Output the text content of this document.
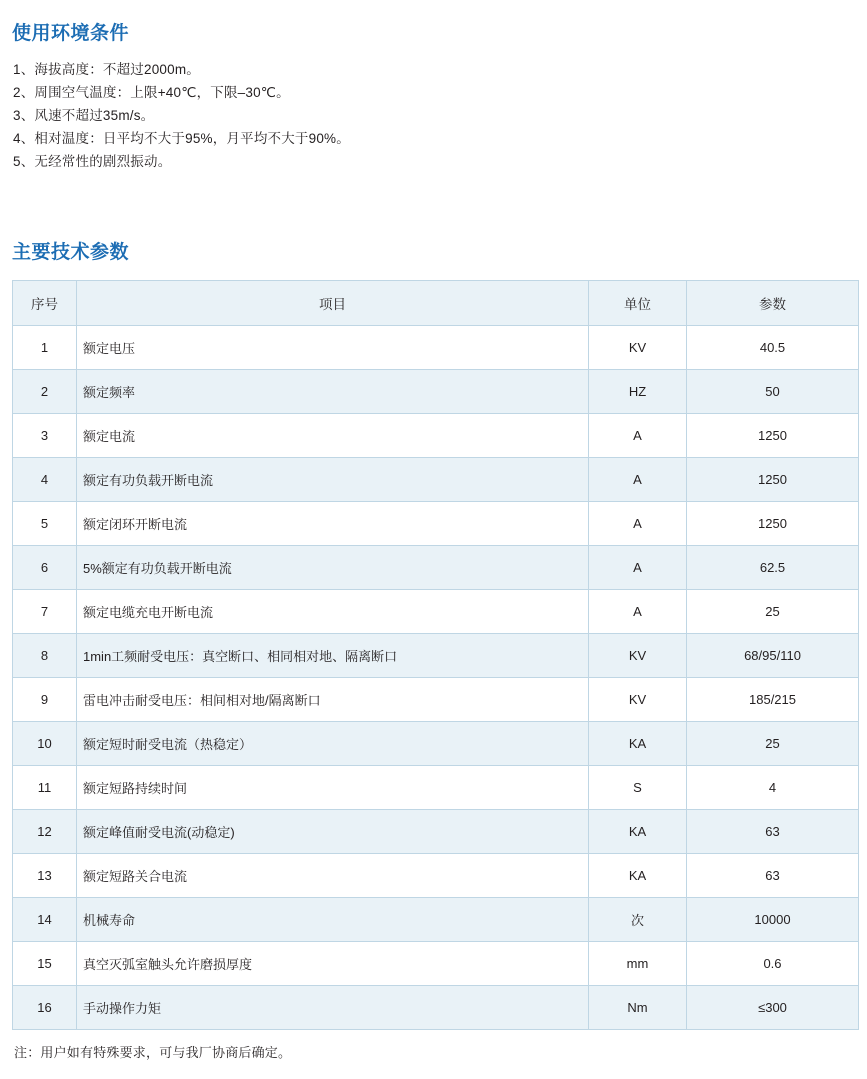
使用环境条件
1、海拔高度：不超过2000m。
2、周围空气温度：上限+40℃，下限–30℃。
3、风速不超过35m/s。
4、相对温度：日平均不大于95%，月平均不大于90%。
5、无经常性的剧烈振动。
主要技术参数
序号	项目	单位	参数
1	额定电压	KV	40.5
2	额定频率	HZ	50
3	额定电流	A	1250
4	额定有功负载开断电流	A	1250
5	额定闭环开断电流	A	1250
6	5%额定有功负载开断电流	A	62.5
7	额定电缆充电开断电流	A	25
8	1min工频耐受电压：真空断口、相同相对地、隔离断口	KV	68/95/110
9	雷电冲击耐受电压：相间相对地/隔离断口	KV	185/215
10	额定短时耐受电流（热稳定）	KA	25
11	额定短路持续时间	S	4
12	额定峰值耐受电流(动稳定)	KA	63
13	额定短路关合电流	KA	63
14	机械寿命	次	10000
15	真空灭弧室触头允许磨损厚度	mm	0.6
16	手动操作力矩	Nm	≤300
注：用户如有特殊要求，可与我厂协商后确定。
